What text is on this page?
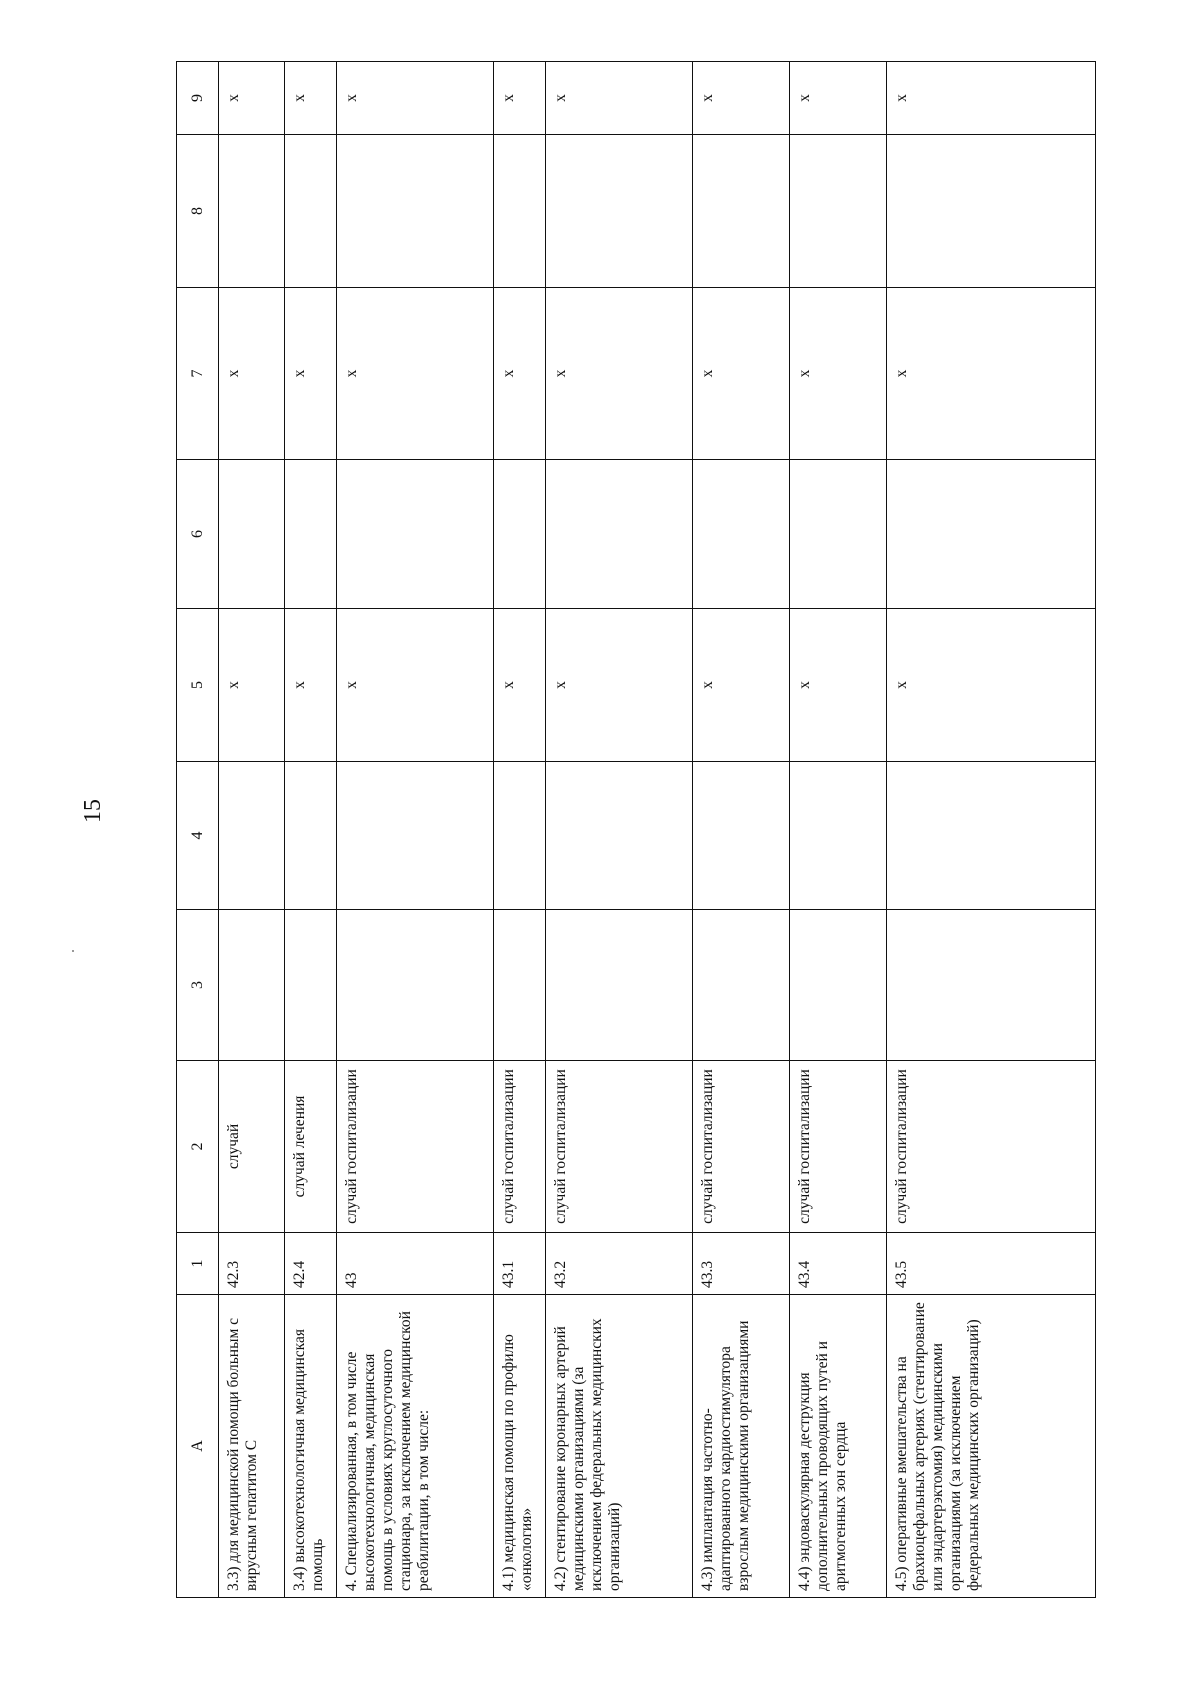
15
А	1	2	3	4	5	6	7	8	9
3.3) для медицинской помощи больным с вирусным гепатитом С	42.3	случай			х		х		х
3.4) высокотехнологичная медицинская помощь	42.4	случай лечения			х		х		х
4. Специализированная, в том числе высокотехнологичная, медицинская помощь в условиях круглосуточного стационара, за исключением медицинской реабилитации, в том числе:	43	случай госпитализации			х		х		х
4.1) медицинская помощи по профилю «онкология»	43.1	случай госпитализации			х		х		х
4.2) стентирование коронарных артерий медицинскими организациями (за исключением федеральных медицинских организаций)	43.2	случай госпитализации			х		х		х
4.3) имплантация частотно-адаптированного кардиостимулятора взрослым медицинскими организациями	43.3	случай госпитализации			х		х		х
4.4) эндоваскулярная деструкция дополнительных проводящих путей и аритмогенных зон сердца	43.4	случай госпитализации			х		х		х
4.5) оперативные вмешательства на брахиоцефальных артериях (стентирование или эндартерэктомия) медицинскими организациями (за исключением федеральных медицинских организаций)	43.5	случай госпитализации			х		х		х
